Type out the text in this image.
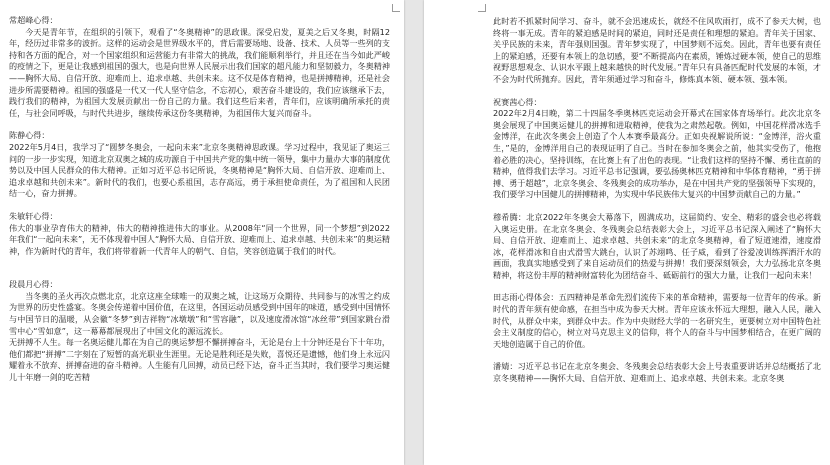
常超峰心得：

今天是青年节，在组织的引领下，观看了“冬奥精神”的思政课。深受启发，夏美之后又冬奥，时隔12年，经历过非常多的波折。这样的运动会是世界级水平的，背后需要场地、设备、技术、人员等一些列的支持和各方面的配合，对一个国家组织和运营能力有非常大的挑战，我们能顺利举行，并且还在当今如此严峻的疫情之下，更是让我感到祖国的强大，也是向世界人民展示出我们国家的超凡能力和坚韧毅力，冬奥精神——胸怀大局、自信开放、迎难而上、追求卓越、共创未来。这不仅是体育精神，也是拼搏精神，还是社会进步所需要精神。祖国的强盛是一代又一代人坚守信念，不忘初心，艰苦奋斗建设的，我们应该继承下去，践行我们的精神，为祖国大发展贡献出一份自己的力量。我们这些后来者，青年们，应该明确所承托的责任，与社会同呼吸，与时代共进步，继续传承这份冬奥精神，为祖国伟大复兴而奋斗。

陈静心得：

2022年5月4日，我学习了“圆梦冬奥会，一起向未来”北京冬奥精神思政课。学习过程中，我见证了奥运三问的一步一步实现，知道北京双奥之城的成功源自于中国共产党的集中统一领导，集中力量办大事的制度优势以及中国人民群众的伟大精神。正如习近平总书记所说，冬奥精神是“胸怀大局、自信开放、迎难而上、追求卓越和共创未来”。新时代的我们，也要心系祖国，志存高远，勇于承担使命责任，为了祖国和人民团结一心，奋力拼搏。

朱敏轩心得：

伟大的事业孕育伟大的精神，伟大的精神推进伟大的事业。从2008年“同一个世界，同一个梦想”到2022年我们“一起向未来”，无不体现着中国人“胸怀大局、自信开放、迎难而上、追求卓越、共创未来”的奥运精神，作为新时代的青年，我们将带着新一代青年人的朝气、自信，笑容创造属于我们的时代。

段晨月心得：

当冬奥的圣火再次点燃北京，北京这座全球唯一的双奥之城，让这场万众期待、共同参与的冰雪之约成为世界的历史性盛宴。冬奥会传递着中国价值，在这里，各国运动员感受到中国年的味道，感受到中国情怀与中国节日的温暖，从会徽“冬梦”到吉祥物“冰墩墩”和“雪容融”，以及速度滑冰馆“冰丝带”到国家跳台滑雪中心“雪如意”，这一幕幕都展现出了中国文化的源远流长。

无拼搏不人生。每一名奥运健儿都在为自己的奥运梦想不懈拼搏奋斗，无论是台上十分钟还是台下十年功，他们都把“拼搏”二字刻在了短暂的高光职业生涯里。无论是胜利还是失败，喜悦还是遗憾，他们身上永远闪耀着永不放弃、拼搏奋进的奋斗精神。人生能有几回搏，动员已经下达，奋斗正当其时，我们要学习奥运健儿十年磨一剑的吃苦精

此时若不抓紧时间学习、奋斗，就不会迅速成长，就经不住风吹雨打，成不了参天大树，也终将一事无成。青年的紧迫感是时间的紧迫，同时还是责任和理想的紧迫。青年关于国家、关乎民族的未来，青年强则国强。青年梦实现了，中国梦则不远矣。因此，青年也要有责任上的紧迫感，还要有本领上的急切感，要“不断提高内在素质，锤炼过硬本领，使自己的思维视野思想观念、认识水平跟上越来越快的时代发展。”青年只有具备匹配时代发展的本领，才不会为时代所抛弃。因此，青年须通过学习和奋斗，修炼真本领、硬本领、强本领。

祝赛茜心得：

2022年2月4日晚，第二十四届冬季奥林匹克运动会开幕式在国家体育场举行。此次北京冬奥会展现了中国奥运健儿的拼搏和进取精神，使我为之肃然起敬。例如，中国花样滑冰选手金博洋，在此次冬奥会上创造了个人本赛季最高分。正如央视解说所说：“金博洋，浴火重生，”是的，金博洋用自己的表现证明了自己。当时在参加冬奥会之前，他其实受伤了，他抱着必胜的决心，坚持训练，在比赛上有了出色的表现。“让我们这样的坚持不懈、勇往直前的精神，值得我们去学习。习近平总书记强调，要弘扬奥林匹克精神和中华体育精神，“勇于拼搏、勇于超越”，北京冬奥会、冬残奥会的成功举办，是在中国共产党的坚强领导下实现的，我们要学习中国健儿的拼搏精神，为实现中华民族伟大复兴的中国梦贡献自己的力量。”

穆希腾：北京2022年冬奥会大幕落下，圆满成功，这届简约、安全、精彩的盛会也必将载入奥运史册。在北京冬奥会、冬残奥会总结表彰大会上，习近平总书记深入阐述了“胸怀大局、自信开放、迎难而上、追求卓越、共创未来”的北京冬奥精神，看了短道速滑，速度滑冰，花样滑冰和自由式滑雪大跳台，认识了苏翊鸣、任子威，看到了谷爱凌训练挥洒汗水的画面，我真实地感受到了来自运动员们的热爱与拼搏！我们要深刻领会，大力弘扬北京冬奥精神，将这份丰厚的精神财富转化为团结奋斗、砥砺前行的强大力量，让我们一起向未来！

田志雨心得体会：五四精神是革命先烈们流传下来的革命精神，需要每一位青年的传承。新时代的青年须有使命感，在担当中成为参天大树。青年应该永怀远大理想，融入人民，融入时代，从群众中来，到群众中去。作为中央财经大学的一名研究生，更要树立对中国特色社会主义制度的信心，树立对马克思主义的信仰，将个人的奋斗与中国梦相结合，在更广阔的天地创造属于自己的价值。

潘婧：习近平总书记在北京冬奥会、冬残奥会总结表彰大会上号表重要讲话并总结概括了北京冬奥精神——胸怀大局、自信开放、迎难而上、追求卓越、共创未来。北京冬奥
